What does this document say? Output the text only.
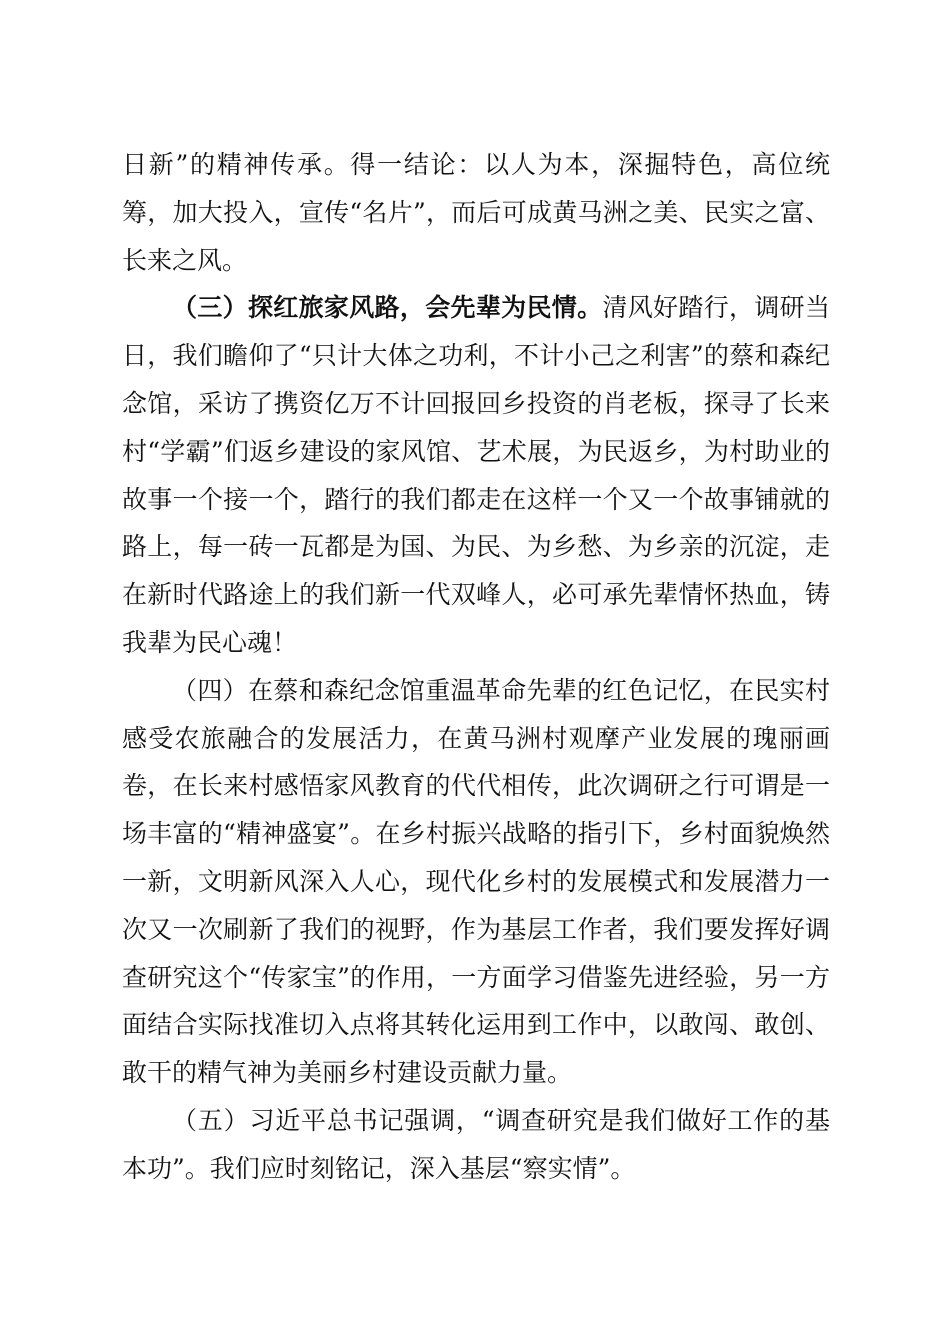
日新”的精神传承。得一结论：以人为本，深掘特色，高位统筹，加大投入，宣传“名片”，而后可成黄马洲之美、民实之富、长来之风。

（三）探红旅家风路，会先辈为民情。清风好踏行，调研当日，我们瞻仰了“只计大体之功利，不计小己之利害”的蔡和森纪念馆，采访了携资亿万不计回报回乡投资的肖老板，探寻了长来村“学霸”们返乡建设的家风馆、艺术展，为民返乡，为村助业的故事一个接一个，踏行的我们都走在这样一个又一个故事铺就的路上，每一砖一瓦都是为国、为民、为乡愁、为乡亲的沉淀，走在新时代路途上的我们新一代双峰人，必可承先辈情怀热血，铸我辈为民心魂！

（四）在蔡和森纪念馆重温革命先辈的红色记忆，在民实村感受农旅融合的发展活力，在黄马洲村观摩产业发展的瑰丽画卷，在长来村感悟家风教育的代代相传，此次调研之行可谓是一场丰富的“精神盛宴”。在乡村振兴战略的指引下，乡村面貌焕然一新，文明新风深入人心，现代化乡村的发展模式和发展潜力一次又一次刷新了我们的视野，作为基层工作者，我们要发挥好调查研究这个“传家宝”的作用，一方面学习借鉴先进经验，另一方面结合实际找准切入点将其转化运用到工作中，以敢闯、敢创、敢干的精气神为美丽乡村建设贡献力量。

（五）习近平总书记强调，“调查研究是我们做好工作的基本功”。我们应时刻铭记，深入基层“察实情”。
